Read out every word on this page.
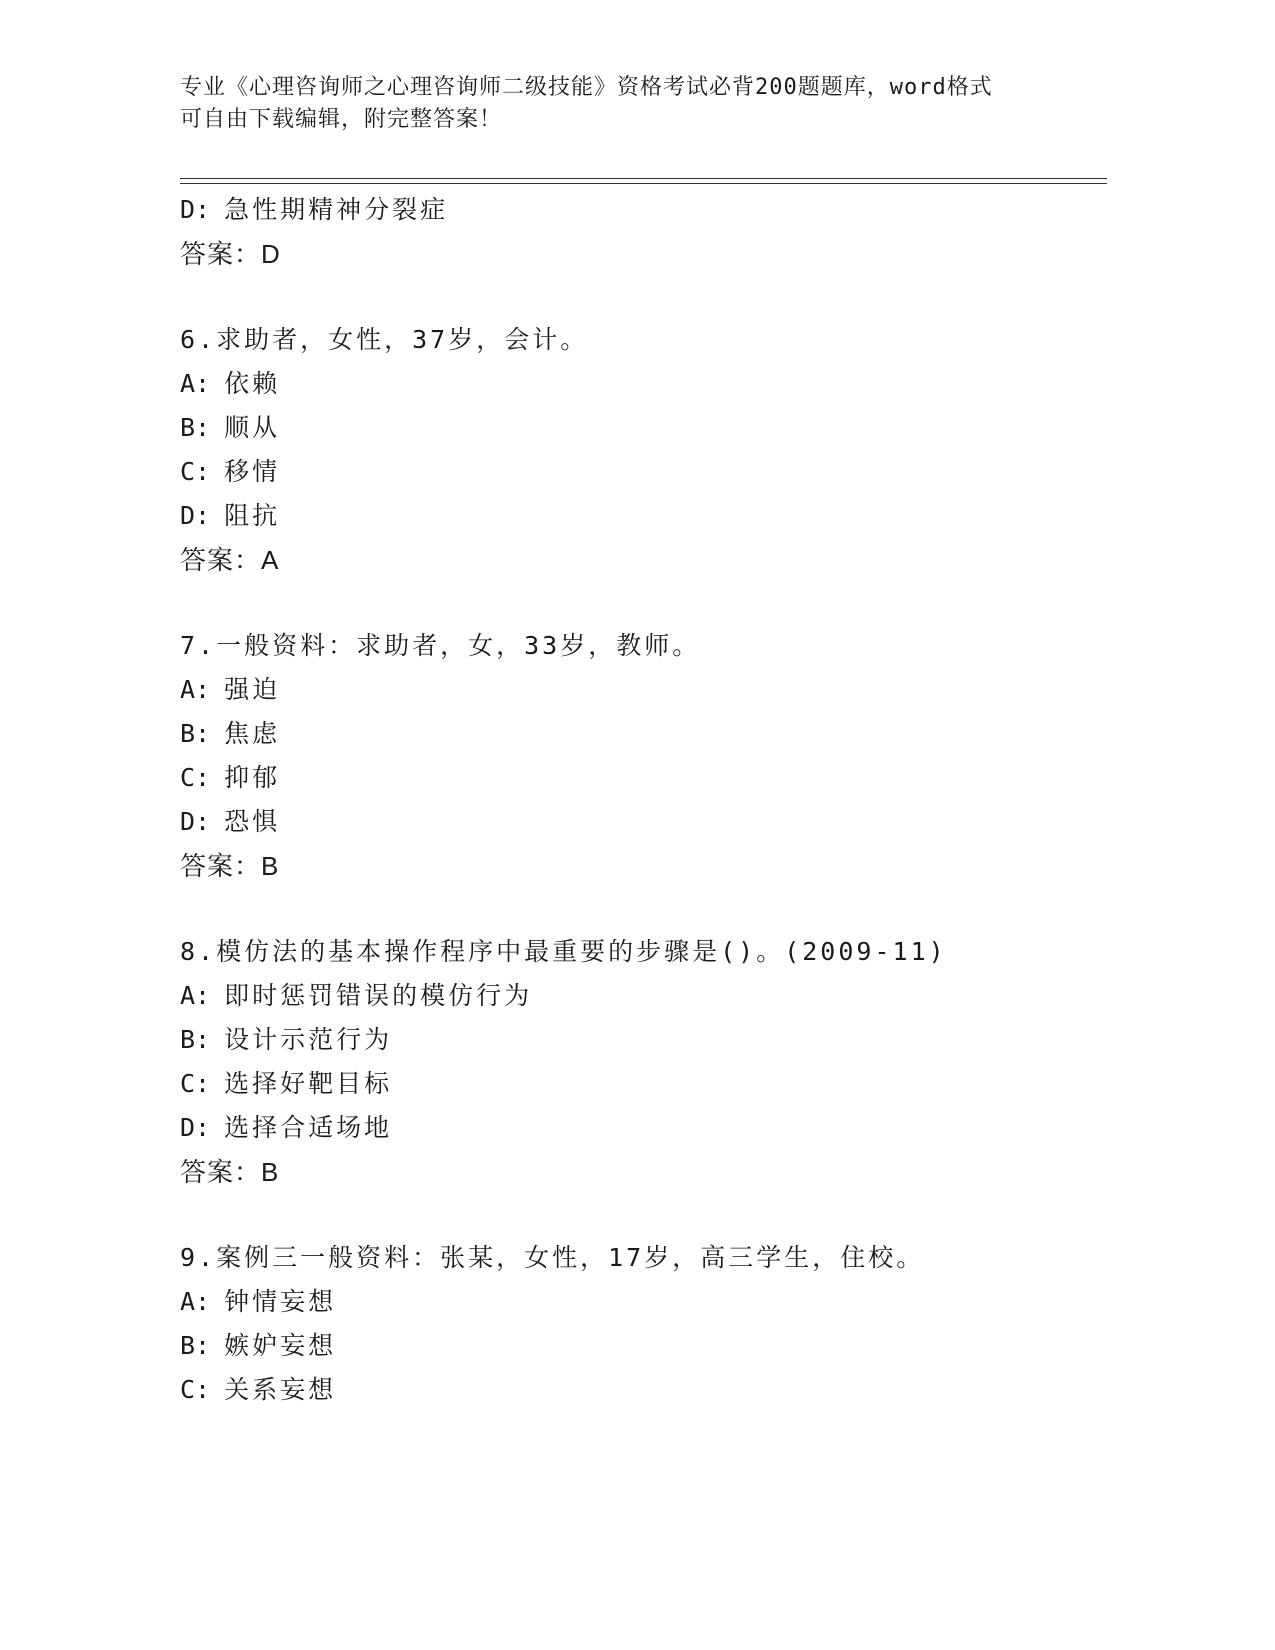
专业《心理咨询师之心理咨询师二级技能》资格考试必背200题题库，word格式
可自由下载编辑，附完整答案！
D: 急性期精神分裂症
答案：D
6.求助者，女性，37岁，会计。
A: 依赖
B: 顺从
C: 移情
D: 阻抗
答案：A
7.一般资料：求助者，女，33岁，教师。
A: 强迫
B: 焦虑
C: 抑郁
D: 恐惧
答案：B
8.模仿法的基本操作程序中最重要的步骤是()。(2009-11)
A: 即时惩罚错误的模仿行为
B: 设计示范行为
C: 选择好靶目标
D: 选择合适场地
答案：B
9.案例三一般资料：张某，女性，17岁，高三学生，住校。
A: 钟情妄想
B: 嫉妒妄想
C: 关系妄想
